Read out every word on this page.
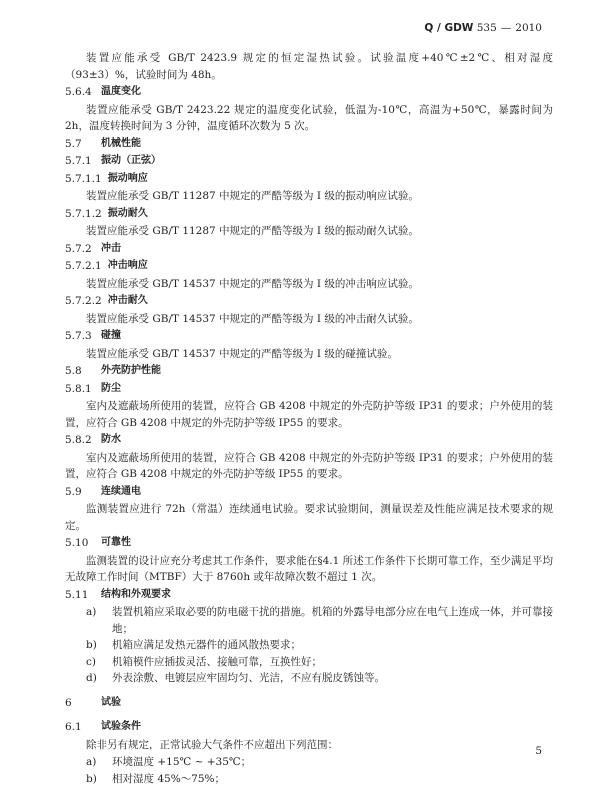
Q / GDW 535 — 2010
装置应能承受 GB/T 2423.9 规定的恒定湿热试验。试验温度+40℃±2℃、相对湿度（93±3）%，试验时间为 48h。
5.6.4 温度变化
装置应能承受 GB/T 2423.22 规定的温度变化试验，低温为-10℃，高温为+50℃，暴露时间为 2h，温度转换时间为 3 分钟，温度循环次数为 5 次。
5.7	机械性能
5.7.1 振动（正弦）
5.7.1.1 振动响应
装置应能承受 GB/T 11287 中规定的严酷等级为 I 级的振动响应试验。
5.7.1.2 振动耐久
装置应能承受 GB/T 11287 中规定的严酷等级为 I 级的振动耐久试验。
5.7.2 冲击
5.7.2.1 冲击响应
装置应能承受 GB/T 14537 中规定的严酷等级为 I 级的冲击响应试验。
5.7.2.2 冲击耐久
装置应能承受 GB/T 14537 中规定的严酷等级为 I 级的冲击耐久试验。
5.7.3 碰撞
装置应能承受 GB/T 14537 中规定的严酷等级为 I 级的碰撞试验。
5.8	外壳防护性能
5.8.1 防尘
室内及遮蔽场所使用的装置，应符合 GB 4208 中规定的外壳防护等级 IP31 的要求；户外使用的装置，应符合 GB 4208 中规定的外壳防护等级 IP55 的要求。
5.8.2 防水
室内及遮蔽场所使用的装置，应符合 GB 4208 中规定的外壳防护等级 IP31 的要求；户外使用的装置，应符合 GB 4208 中规定的外壳防护等级 IP55 的要求。
5.9	连续通电
监测装置应进行 72h（常温）连续通电试验。要求试验期间，测量误差及性能应满足技术要求的规定。
5.10	可靠性
监测装置的设计应充分考虑其工作条件，要求能在§4.1 所述工作条件下长期可靠工作，至少满足平均无故障工作时间（MTBF）大于 8760h 或年故障次数不超过 1 次。
5.11	结构和外观要求
a)	装置机箱应采取必要的防电磁干扰的措施。机箱的外露导电部分应在电气上连成一体，并可靠接地；
b)	机箱应满足发热元器件的通风散热要求；
c)	机箱模件应插拔灵活、接触可靠，互换性好；
d)	外表涂敷、电镀层应牢固均匀、光洁，不应有脱皮锈蚀等。
6	试验
6.1	试验条件
除非另有规定，正常试验大气条件不应超出下列范围：
a)	环境温度 +15℃ ~ +35℃；
b)	相对湿度 45%～75%；
5
